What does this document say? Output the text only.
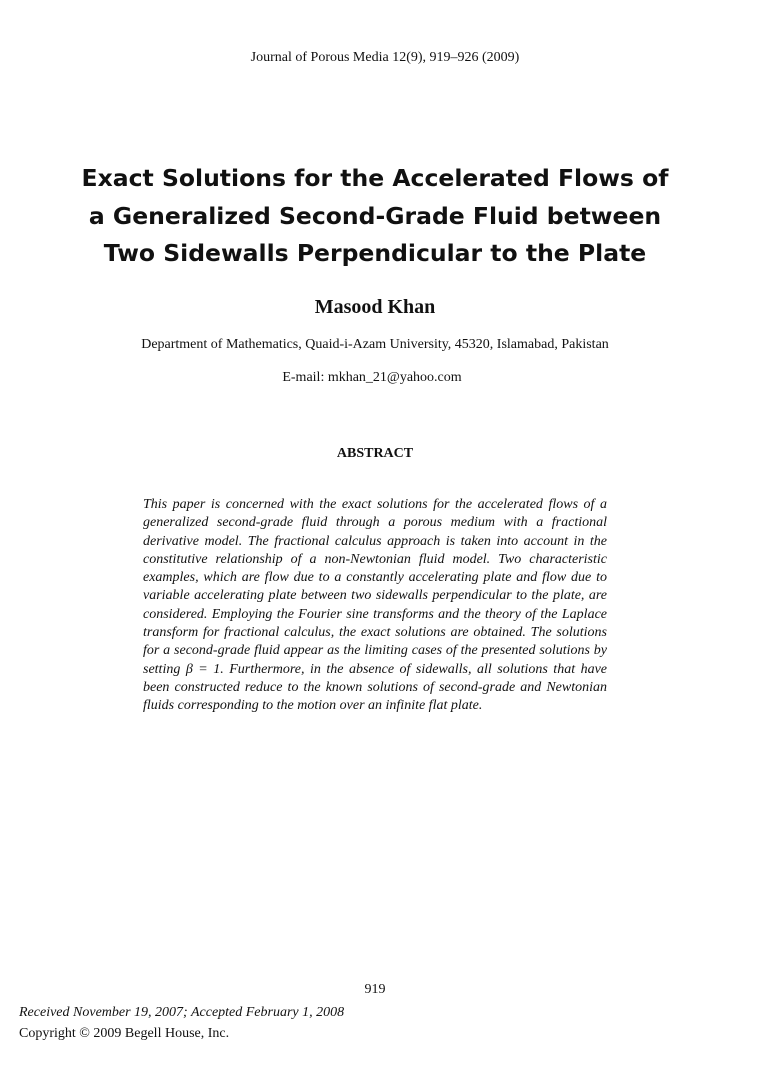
Journal of Porous Media 12(9), 919–926 (2009)
Exact Solutions for the Accelerated Flows of
a Generalized Second-Grade Fluid between
Two Sidewalls Perpendicular to the Plate
Masood Khan
Department of Mathematics, Quaid-i-Azam University, 45320, Islamabad, Pakistan
E-mail: mkhan_21@yahoo.com
ABSTRACT
This paper is concerned with the exact solutions for the accelerated flows of a generalized second-grade fluid through a porous medium with a fractional derivative model. The fractional calculus approach is taken into account in the constitutive relationship of a non-Newtonian fluid model. Two characteristic examples, which are flow due to a constantly accelerating plate and flow due to variable accelerating plate between two sidewalls perpendicular to the plate, are considered. Employing the Fourier sine transforms and the theory of the Laplace transform for fractional calculus, the exact solutions are obtained. The solutions for a second-grade fluid appear as the limiting cases of the presented solutions by setting β = 1. Furthermore, in the absence of sidewalls, all solutions that have been constructed reduce to the known solutions of second-grade and Newtonian fluids corresponding to the motion over an infinite flat plate.
919
Received November 19, 2007; Accepted February 1, 2008
Copyright © 2009 Begell House, Inc.
